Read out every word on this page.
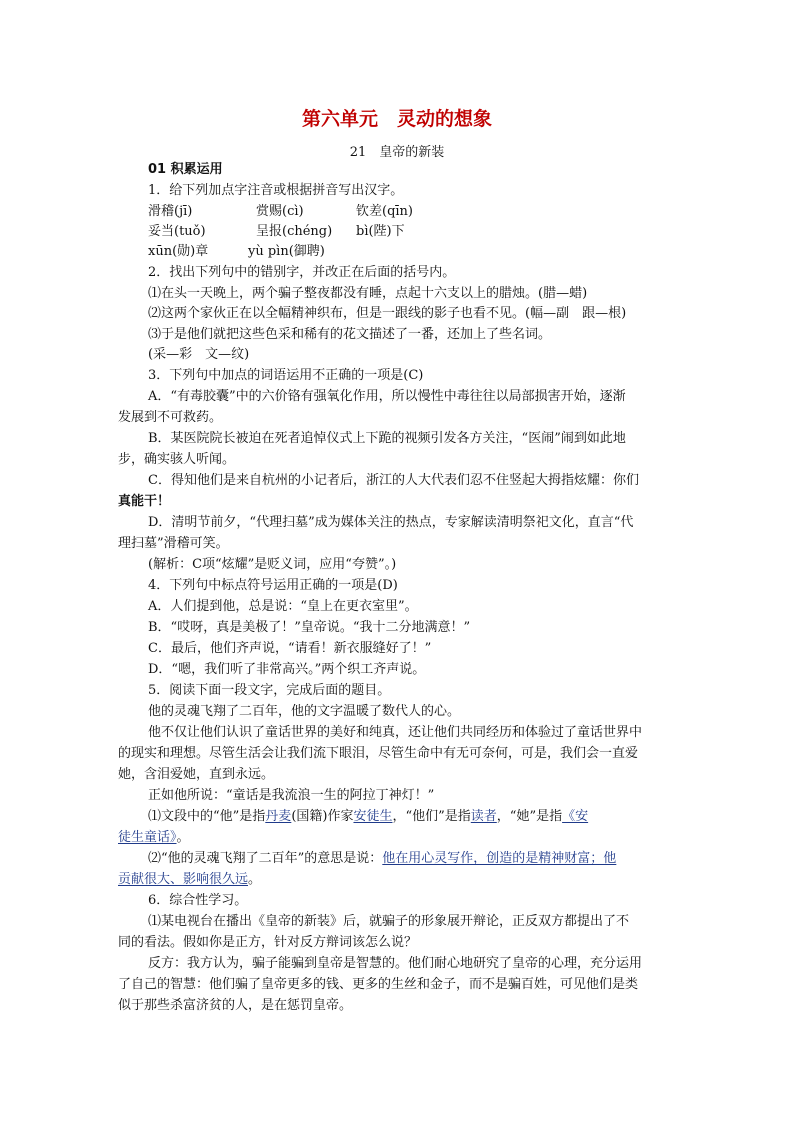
第六单元　灵动的想象
21　皇帝的新装
01 积累运用
1．给下列加点字注音或根据拼音写出汉字。
滑稽(jī)	赏赐(cì)	钦差(qīn)
妥当(tuǒ)	呈报(chéng) bì(陛)下
xūn(勋)章	yù pìn(御聘)
2．找出下列句中的错别字，并改正在后面的括号内。
⑴在头一天晚上，两个骗子整夜都没有睡，点起十六支以上的腊烛。(腊—蜡)
⑵这两个家伙正在以全幅精神织布，但是一跟线的影子也看不见。(幅—副　跟—根)
⑶于是他们就把这些色采和稀有的花文描述了一番，还加上了些名词。
(采—彩　文—纹)
3．下列句中加点的词语运用不正确的一项是(C)
A．“有毒胶囊”中的六价铬有强氧化作用，所以慢性中毒往往以局部损害开始，逐渐
发展到不可救药。
B．某医院院长被迫在死者追悼仪式上下跪的视频引发各方关注，“医闹”闹到如此地
步，确实骇人听闻。
C．得知他们是来自杭州的小记者后，浙江的人大代表们忍不住竖起大拇指炫耀：你们
真能干！
D．清明节前夕，“代理扫墓”成为媒体关注的热点，专家解读清明祭祀文化，直言“代
理扫墓”滑稽可笑。
(解析：C项“炫耀”是贬义词，应用“夸赞”。)
4．下列句中标点符号运用正确的一项是(D)
A．人们提到他，总是说：“皇上在更衣室里”。
B．“哎呀，真是美极了！”皇帝说。“我十二分地满意！”
C．最后，他们齐声说，“请看！新衣服缝好了！”
D．“嗯，我们听了非常高兴。”两个织工齐声说。
5．阅读下面一段文字，完成后面的题目。
他的灵魂飞翔了二百年，他的文字温暖了数代人的心。
他不仅让他们认识了童话世界的美好和纯真，还让他们共同经历和体验过了童话世界中
的现实和理想。尽管生活会让我们流下眼泪，尽管生命中有无可奈何，可是，我们会一直爱
她，含泪爱她，直到永远。
正如他所说：“童话是我流浪一生的阿拉丁神灯！”
⑴文段中的“他”是指丹麦(国籍)作家安徒生，“他们”是指读者，“她”是指《安
徒生童话》。
⑵“他的灵魂飞翔了二百年”的意思是说：他在用心灵写作，创造的是精神财富；他
贡献很大、影响很久远。
6．综合性学习。
⑴某电视台在播出《皇帝的新装》后，就骗子的形象展开辩论，正反双方都提出了不
同的看法。假如你是正方，针对反方辩词该怎么说？
反方：我方认为，骗子能骗到皇帝是智慧的。他们耐心地研究了皇帝的心理，充分运用
了自己的智慧：他们骗了皇帝更多的钱、更多的生丝和金子，而不是骗百姓，可见他们是类
似于那些杀富济贫的人，是在惩罚皇帝。
